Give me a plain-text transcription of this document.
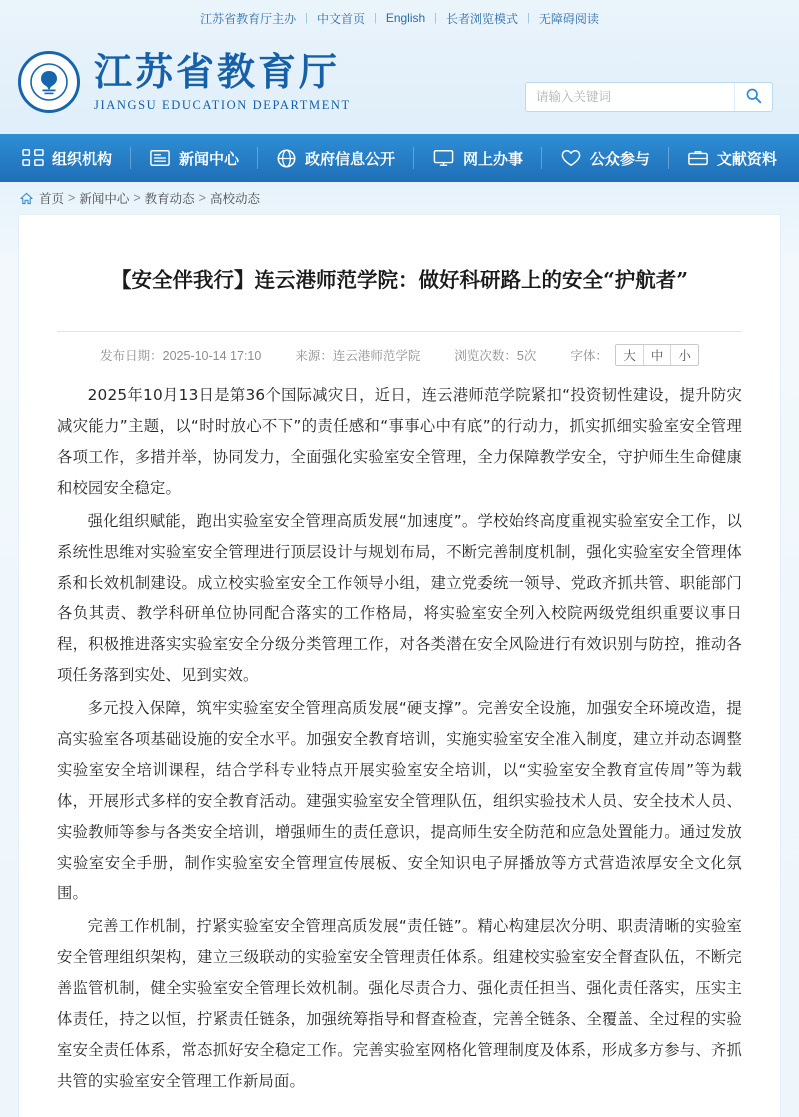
江苏省教育厅主办 | 中文首页 | English | 长者浏览模式 | 无障碍阅读
江苏省教育厅
JIANGSU EDUCATION DEPARTMENT
请输入关键词
组织机构	新闻中心	政府信息公开	网上办事	公众参与	文献资料
首页 > 新闻中心 > 教育动态 > 高校动态
【安全伴我行】连云港师范学院：做好科研路上的安全“护航者”
发布日期：2025-10-14 17:10	来源：连云港师范学院	浏览次数：5次	字体：	大	中	小

2025年10月13日是第36个国际减灾日，近日，连云港师范学院紧扣“投资韧性建设，提升防灾减灾能力”主题，以“时时放心不下”的责任感和“事事心中有底”的行动力，抓实抓细实验室安全管理各项工作，多措并举，协同发力，全面强化实验室安全管理，全力保障教学安全，守护师生生命健康和校园安全稳定。

强化组织赋能，跑出实验室安全管理高质发展“加速度”。学校始终高度重视实验室安全工作，以系统性思维对实验室安全管理进行顶层设计与规划布局，不断完善制度机制，强化实验室安全管理体系和长效机制建设。成立校实验室安全工作领导小组，建立党委统一领导、党政齐抓共管、职能部门各负其责、教学科研单位协同配合落实的工作格局，将实验室安全列入校院两级党组织重要议事日程，积极推进落实实验室安全分级分类管理工作，对各类潜在安全风险进行有效识别与防控，推动各项任务落到实处、见到实效。

多元投入保障，筑牢实验室安全管理高质发展“硬支撑”。完善安全设施，加强安全环境改造，提高实验室各项基础设施的安全水平。加强安全教育培训，实施实验室安全准入制度，建立并动态调整实验室安全培训课程，结合学科专业特点开展实验室安全培训，以“实验室安全教育宣传周”等为载体，开展形式多样的安全教育活动。建强实验室安全管理队伍，组织实验技术人员、安全技术人员、实验教师等参与各类安全培训，增强师生的责任意识，提高师生安全防范和应急处置能力。通过发放实验室安全手册，制作实验室安全管理宣传展板、安全知识电子屏播放等方式营造浓厚安全文化氛围。

完善工作机制，拧紧实验室安全管理高质发展“责任链”。精心构建层次分明、职责清晰的实验室安全管理组织架构，建立三级联动的实验室安全管理责任体系。组建校实验室安全督查队伍，不断完善监管机制，健全实验室安全管理长效机制。强化尽责合力、强化责任担当、强化责任落实，压实主体责任，持之以恒，拧紧责任链条，加强统筹指导和督查检查，完善全链条、全覆盖、全过程的实验室安全责任体系，常态抓好安全稳定工作。完善实验室网格化管理制度及体系，形成多方参与、齐抓共管的实验室安全管理工作新局面。
